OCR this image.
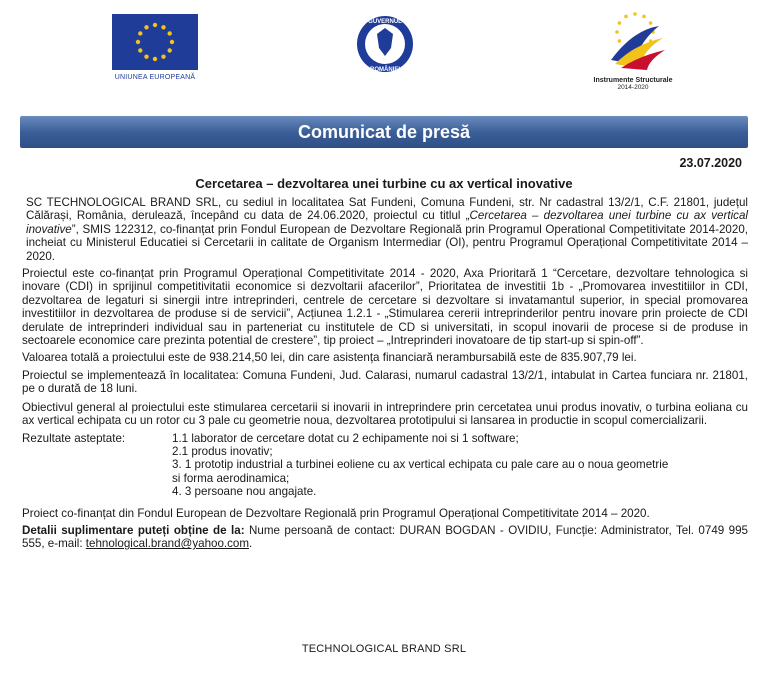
UNIUNEA EUROPEANĂ
GUVERNUL
ROMÂNIEI
Instrumente Structurale
2014-2020
Comunicat de presă
23.07.2020
Cercetarea – dezvoltarea unei turbine cu ax vertical inovative
SC TECHNOLOGICAL BRAND SRL, cu sediul in localitatea Sat Fundeni, Comuna Fundeni, str. Nr cadastral 13/2/1, C.F. 21801, județul Călărași, România, derulează, începând cu data de 24.06.2020, proiectul cu titlul „Cercetarea – dezvoltarea unei turbine cu ax vertical inovative”, SMIS 122312, co-finanțat prin Fondul European de Dezvoltare Regională prin Programul Operational Competitivitate 2014-2020, incheiat cu Ministerul Educatiei si Cercetarii in calitate de Organism Intermediar (OI), pentru Programul Operațional Competitivitate 2014 – 2020.
Proiectul este co-finanțat prin Programul Operațional Competitivitate 2014 - 2020, Axa Prioritară 1 “Cercetare, dezvoltare tehnologica si inovare (CDI) in sprijinul competitivitatii economice si dezvoltarii afacerilor”, Prioritatea de investitii 1b - „Promovarea investitiilor in CDI, dezvoltarea de legaturi si sinergii intre intreprinderi, centrele de cercetare si dezvoltare si invatamantul superior, in special promovarea investitiilor in dezvoltarea de produse si de servicii”, Acțiunea 1.2.1 - „Stimularea cererii intreprinderilor pentru inovare prin proiecte de CDI derulate de intreprinderi individual sau in parteneriat cu institutele de CD si universitati, in scopul inovarii de procese si de produse in sectoarele economice care prezinta potential de crestere”, tip proiect – „Intreprinderi inovatoare de tip start-up si spin-off”.
Valoarea totală a proiectului este de 938.214,50 lei, din care asistența financiară nerambursabilă este de 835.907,79 lei.
Proiectul se implementează în localitatea: Comuna Fundeni, Jud. Calarasi, numarul cadastral 13/2/1, intabulat in Cartea funciara nr. 21801, pe o durată de 18 luni.
Obiectivul general al proiectului este stimularea cercetarii si inovarii in intreprindere prin cercetatea unui produs inovativ, o turbina eoliana cu ax vertical echipata cu un rotor cu 3 pale cu geometrie noua, dezvoltarea prototipului si lansarea in productie in scopul comercializarii.
Rezultate asteptate:	1.1 laborator de cercetare dotat cu 2 echipamente noi si 1 software;
2.1 produs inovativ;
3. 1 prototip industrial a turbinei eoliene cu ax vertical echipata cu pale care au o noua geometrie
si forma aerodinamica;
4. 3 persoane nou angajate.
Proiect co-finanțat din Fondul European de Dezvoltare Regională prin Programul Operațional Competitivitate 2014 – 2020.
Detalii suplimentare puteți obține de la: Nume persoană de contact: DURAN BOGDAN - OVIDIU, Funcție: Administrator, Tel. 0749 995 555, e-mail: tehnological.brand@yahoo.com.
TECHNOLOGICAL BRAND SRL
